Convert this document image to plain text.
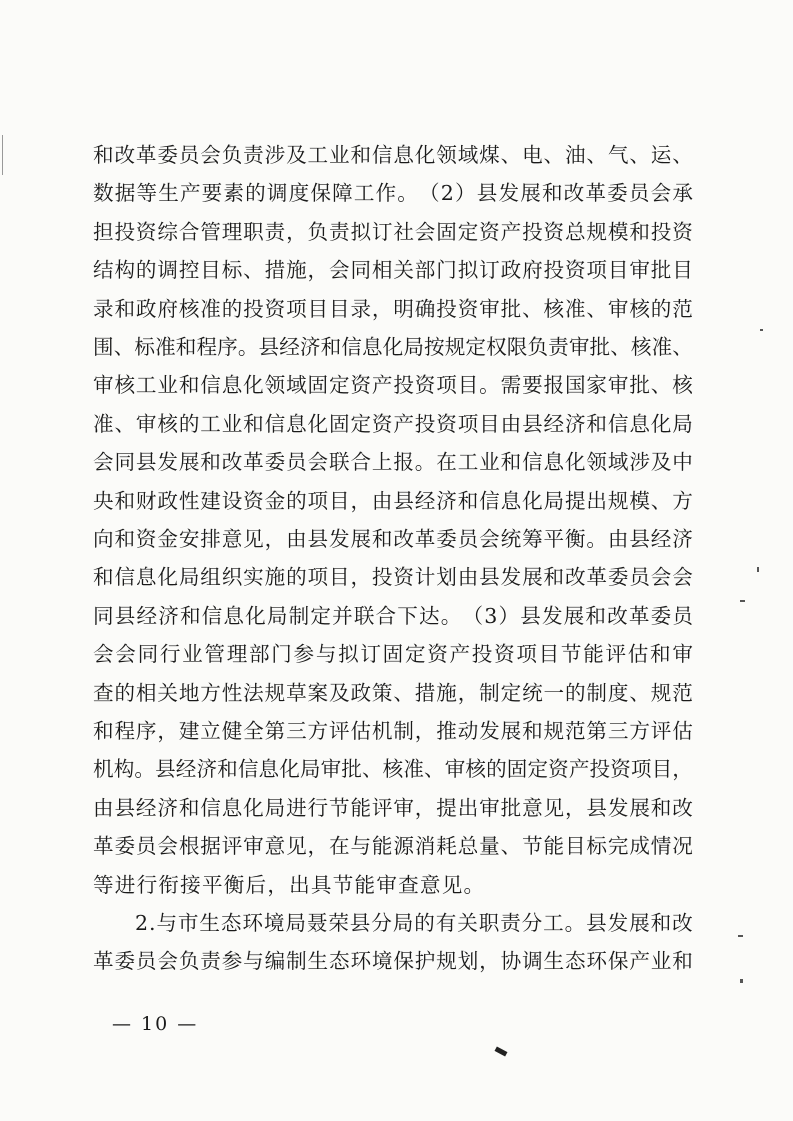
和 改 革 委 员 会 负 责 涉 及 工 业 和 信 息 化 领 域 煤 、 电 、 油 、 气 、 运 、
数 据 等 生 产 要 素 的 调 度 保 障 工 作 。 （ 2 ） 县 发 展 和 改 革 委 员 会 承
担 投 资 综 合 管 理 职 责 ， 负 责 拟 订 社 会 固 定 资 产 投 资 总 规 模 和 投 资
结 构 的 调 控 目 标 、 措 施 ， 会 同 相 关 部 门 拟 订 政 府 投 资 项 目 审 批 目
录 和 政 府 核 准 的 投 资 项 目 目 录 ， 明 确 投 资 审 批 、 核 准 、 审 核 的 范
围 、 标 准 和 程 序 。 县 经 济 和 信 息 化 局 按 规 定 权 限 负 责 审 批 、 核 准 、
审 核 工 业 和 信 息 化 领 域 固 定 资 产 投 资 项 目 。 需 要 报 国 家 审 批 、 核
准 、 审 核 的 工 业 和 信 息 化 固 定 资 产 投 资 项 目 由 县 经 济 和 信 息 化 局
会 同 县 发 展 和 改 革 委 员 会 联 合 上 报 。 在 工 业 和 信 息 化 领 域 涉 及 中
央 和 财 政 性 建 设 资 金 的 项 目 ， 由 县 经 济 和 信 息 化 局 提 出 规 模 、 方
向 和 资 金 安 排 意 见 ， 由 县 发 展 和 改 革 委 员 会 统 筹 平 衡 。 由 县 经 济
和 信 息 化 局 组 织 实 施 的 项 目 ， 投 资 计 划 由 县 发 展 和 改 革 委 员 会 会
同 县 经 济 和 信 息 化 局 制 定 并 联 合 下 达 。 （ 3 ） 县 发 展 和 改 革 委 员
会 会 同 行 业 管 理 部 门 参 与 拟 订 固 定 资 产 投 资 项 目 节 能 评 估 和 审
查 的 相 关 地 方 性 法 规 草 案 及 政 策 、 措 施 ， 制 定 统 一 的 制 度 、 规 范
和 程 序 ， 建 立 健 全 第 三 方 评 估 机 制 ， 推 动 发 展 和 规 范 第 三 方 评 估
机 构 。 县 经 济 和 信 息 化 局 审 批 、 核 准 、 审 核 的 固 定 资 产 投 资 项 目 ，
由 县 经 济 和 信 息 化 局 进 行 节 能 评 审 ， 提 出 审 批 意 见 ， 县 发 展 和 改
革 委 员 会 根 据 评 审 意 见 ， 在 与 能 源 消 耗 总 量 、 节 能 目 标 完 成 情 况
等进行衔接平衡后，出具节能审查意见。
2 . 与 市 生 态 环 境 局 聂 荣 县 分 局 的 有 关 职 责 分 工 。 县 发 展 和 改
革 委 员 会 负 责 参 与 编 制 生 态 环 境 保 护 规 划 ， 协 调 生 态 环 保 产 业 和
— 10 —
